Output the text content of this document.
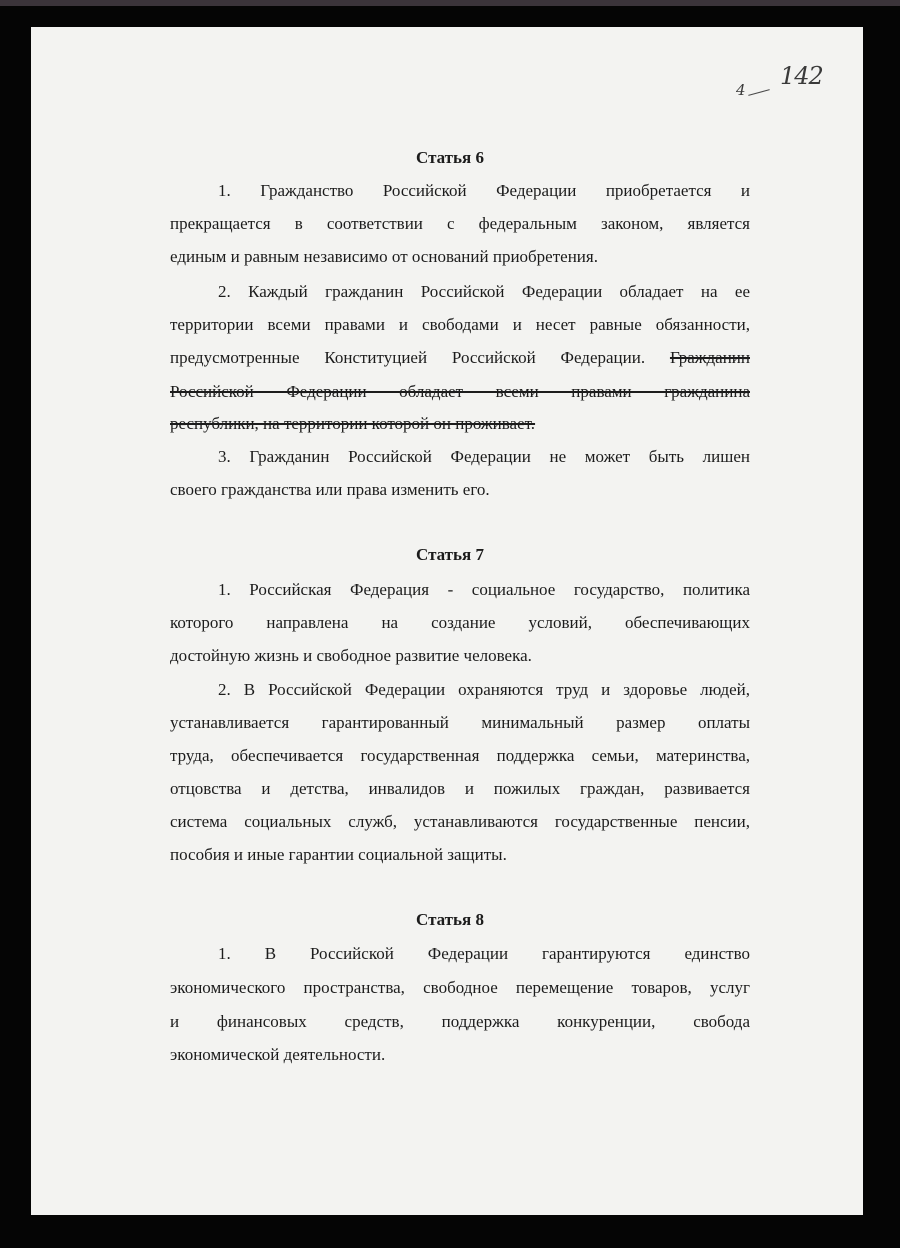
4 142
Статья 6
1. Гражданство Российской Федерации приобретается и
прекращается в соответствии с федеральным законом, является
единым и равным независимо от оснований приобретения.
2. Каждый гражданин Российской Федерации обладает на ее
территории всеми правами и свободами и несет равные обязанности,
предусмотренные Конституцией Российской Федерации. Гражданин
Российской Федерации обладает всеми правами гражданина
республики, на территории которой он проживает.
3. Гражданин Российской Федерации не может быть лишен
своего гражданства или права изменить его.
Статья 7
1. Российская Федерация - социальное государство, политика
которого направлена на создание условий, обеспечивающих
достойную жизнь и свободное развитие человека.
2. В Российской Федерации охраняются труд и здоровье людей,
устанавливается гарантированный минимальный размер оплаты
труда, обеспечивается государственная поддержка семьи, материнства,
отцовства и детства, инвалидов и пожилых граждан, развивается
система социальных служб, устанавливаются государственные пенсии,
пособия и иные гарантии социальной защиты.
Статья 8
1. В Российской Федерации гарантируются единство
экономического пространства, свободное перемещение товаров, услуг
и финансовых средств, поддержка конкуренции, свобода
экономической деятельности.
